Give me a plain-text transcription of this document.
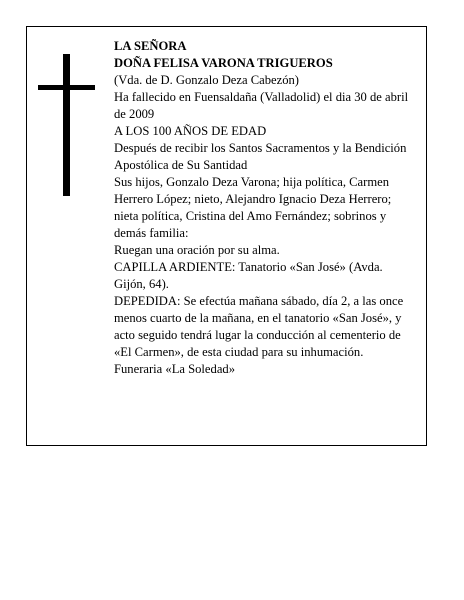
LA SEÑORA

DOÑA FELISA VARONA TRIGUEROS

(Vda. de D. Gonzalo Deza Cabezón)

Ha fallecido en Fuensaldaña (Valladolid) el dia 30 de abril de 2009

A LOS 100 AÑOS DE EDAD

Después de recibir los Santos Sacramentos y la Bendición Apostólica de Su Santidad

Sus hijos, Gonzalo Deza Varona; hija política, Carmen Herrero López; nieto, Alejandro Ignacio Deza Herrero; nieta política, Cristina del Amo Fernández; sobrinos y demás familia:

Ruegan una oración por su alma.

CAPILLA ARDIENTE: Tanatorio «San José» (Avda. Gijón, 64).

DEPEDIDA: Se efectúa mañana sábado, día 2, a las once menos cuarto de la mañana, en el tanatorio «San José», y acto seguido tendrá lugar la conducción al cementerio de «El Carmen», de esta ciudad para su inhumación.

Funeraria «La Soledad»
